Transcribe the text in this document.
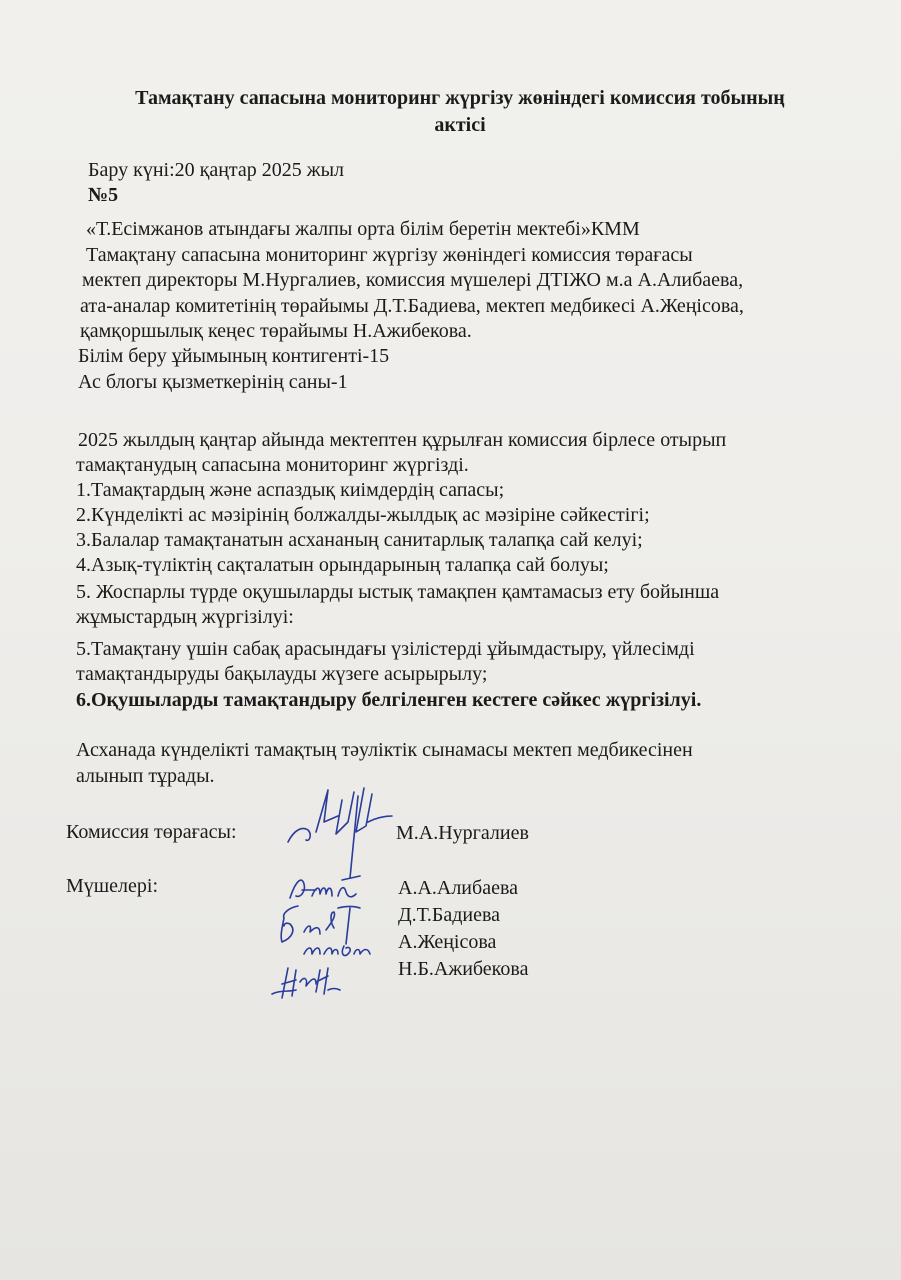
Тамақтану сапасына мониторинг жүргізу жөніндегі комиссия тобының

актісі

Бару күні:20 қаңтар 2025 жыл

№5

«Т.Есімжанов атындағы жалпы орта білім беретін мектебі»КММ

Тамақтану сапасына мониторинг жүргізу жөніндегі комиссия төрағасы

мектеп директоры М.Нургалиев, комиссия мүшелері ДТІЖО м.а А.Алибаева,

ата-аналар комитетінің төрайымы Д.Т.Бадиева, мектеп медбикесі А.Жеңісова,

қамқоршылық кеңес төрайымы Н.Ажибекова.

Білім беру ұйымының контигенті-15

Ас блогы қызметкерінің саны-1

2025 жылдың қаңтар айында мектептен құрылған комиссия бірлесе отырып

тамақтанудың сапасына мониторинг жүргізді.

1.Тамақтардың және аспаздық киімдердің сапасы;

2.Күнделікті ас мәзірінің болжалды-жылдық ас мәзіріне сәйкестігі;

3.Балалар тамақтанатын асхананың санитарлық талапқа сай келуі;

4.Азық-түліктің сақталатын орындарының талапқа сай болуы;

5. Жоспарлы түрде оқушыларды ыстық тамақпен қамтамасыз ету бойынша

жұмыстардың жүргізілуі:

5.Тамақтану үшін сабақ арасындағы үзілістерді ұйымдастыру, үйлесімді

тамақтандыруды бақылауды жүзеге асырырылу;

6.Оқушыларды тамақтандыру белгіленген кестеге сәйкес жүргізілуі.

Асханада күнделікті тамақтың тәуліктік сынамасы мектеп медбикесінен

алынып тұрады.

Комиссия төрағасы:	М.А.Нургалиев

Мүшелері:	А.А.Алибаева

Д.Т.Бадиева

А.Жеңісова

Н.Б.Ажибекова
